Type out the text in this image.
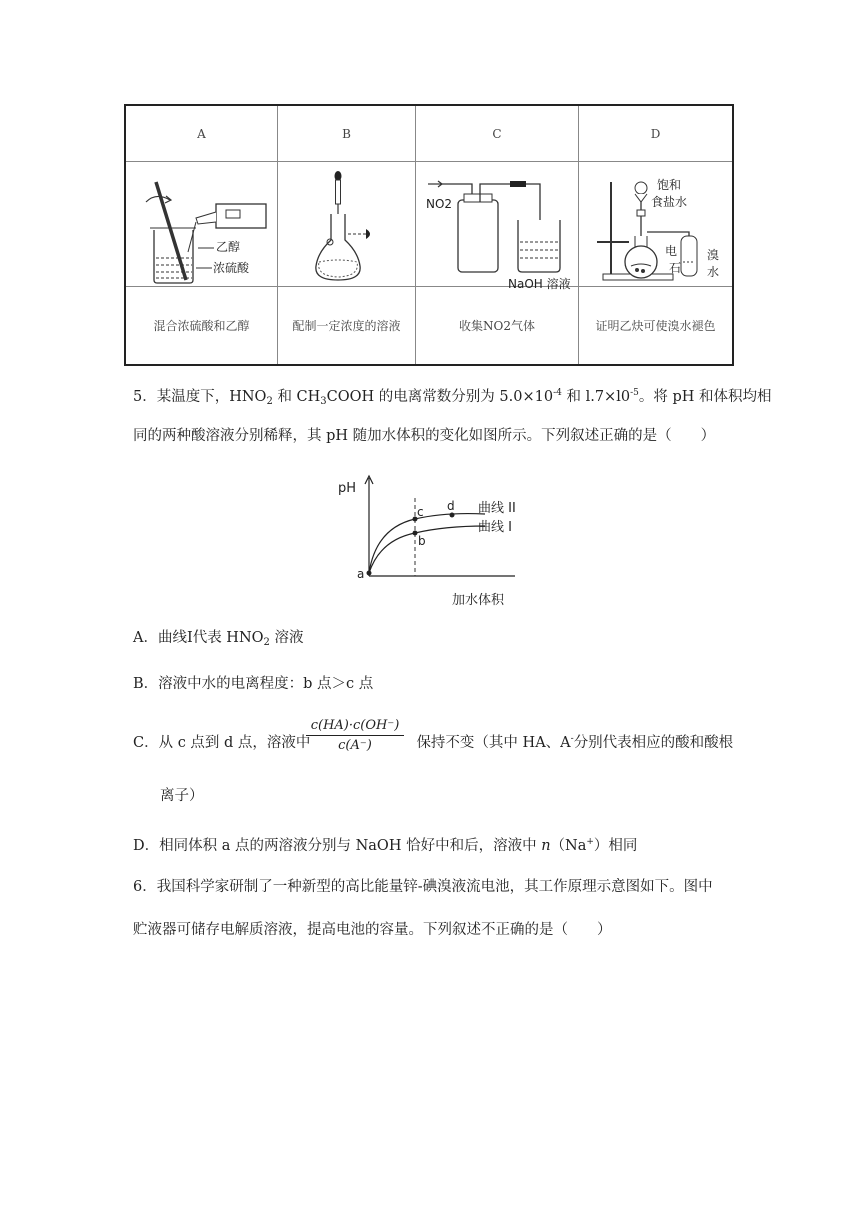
A	B	C	D
乙醇
浓硫酸
NO2
NaOH 溶液
饱和
食盐水
电
石
溴
水
混合浓硫酸和乙醇	配制一定浓度的溶液	收集NO2气体	证明乙炔可使溴水褪色
5．某温度下，$HNO_2$ 和 $CH_3COOH$ 的电离常数分别为 $5.0\times 10^{-4}$ 和 $l.7\times l0^{-5}$。将 pH 和体积均相
同的两种酸溶液分别稀释，其 pH 随加水体积的变化如图所示。下列叙述正确的是（　　）
pH
加水体积
a
b
c d 曲线 II
曲线 I
A．曲线I代表 $HNO_2$ 溶液
B．溶液中水的电离程度：b 点＞c 点
C．从 c 点到 d 点，溶液中	保持不变（其中 HA、A-分别代表相应的酸和酸根
$\frac{c(HA)\cdot c(OH^-)}{c(A^-)}$
离子）
D．相同体积 a 点的两溶液分别与 NaOH 恰好中和后，溶液中 n（Na+）相同
6．我国科学家研制了一种新型的高比能量锌-碘溴液流电池，其工作原理示意图如下。图中
贮液器可储存电解质溶液，提高电池的容量。下列叙述不正确的是（　　）
